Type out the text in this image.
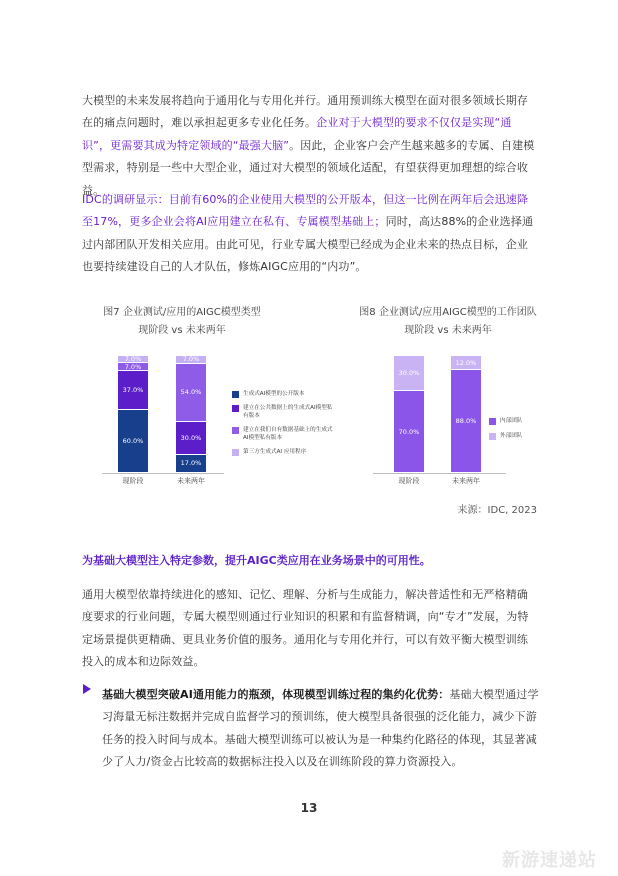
大模型的未来发展将趋向于通用化与专用化并行。通用预训练大模型在面对很多领域长期存在的痛点问题时，难以承担起更多专业化任务。企业对于大模型的要求不仅仅是实现“通识”，更需要其成为特定领域的“最强大脑”。因此，企业客户会产生越来越多的专属、自建模型需求，特别是一些中大型企业，通过对大模型的领域化适配，有望获得更加理想的综合收益。
IDC的调研显示：目前有60%的企业使用大模型的公开版本，但这一比例在两年后会迅速降至17%，更多企业会将AI应用建立在私有、专属模型基础上；同时，高达88%的企业选择通过内部团队开发相关应用。由此可见，行业专属大模型已经成为企业未来的热点目标，企业也要持续建设自己的人才队伍，修炼AIGC应用的“内功”。
图7 企业测试/应用的AIGC模型类型
现阶段 vs 未来两年
60.0%
37.0%
7.0%
7.0%
现阶段
17.0%
30.0%
54.0%
7.0%
未来两年
生成式AI模型的公开版本
建立在公共数据上的生成式AI模型私有版本
建立在我们自有数据基础上的生成式AI模型私有版本
第三方生成式AI 应用程序
图8 企业测试/应用AIGC模型的工作团队
现阶段 vs 未来两年
70.0%
30.0%
现阶段
88.0%
12.0%
未来两年
内部团队
外部团队
来源：IDC, 2023
为基础大模型注入特定参数，提升AIGC类应用在业务场景中的可用性。
通用大模型依靠持续进化的感知、记忆、理解、分析与生成能力，解决普适性和无严格精确度要求的行业问题，专属大模型则通过行业知识的积累和有监督精调，向“专才”发展，为特定场景提供更精确、更具业务价值的服务。通用化与专用化并行，可以有效平衡大模型训练投入的成本和边际效益。
基础大模型突破AI通用能力的瓶颈，体现模型训练过程的集约化优势：基础大模型通过学习海量无标注数据并完成自监督学习的预训练，使大模型具备很强的泛化能力，减少下游任务的投入时间与成本。基础大模型训练可以被认为是一种集约化路径的体现，其显著减少了人力/资金占比较高的数据标注投入以及在训练阶段的算力资源投入。
13
新游速递站
